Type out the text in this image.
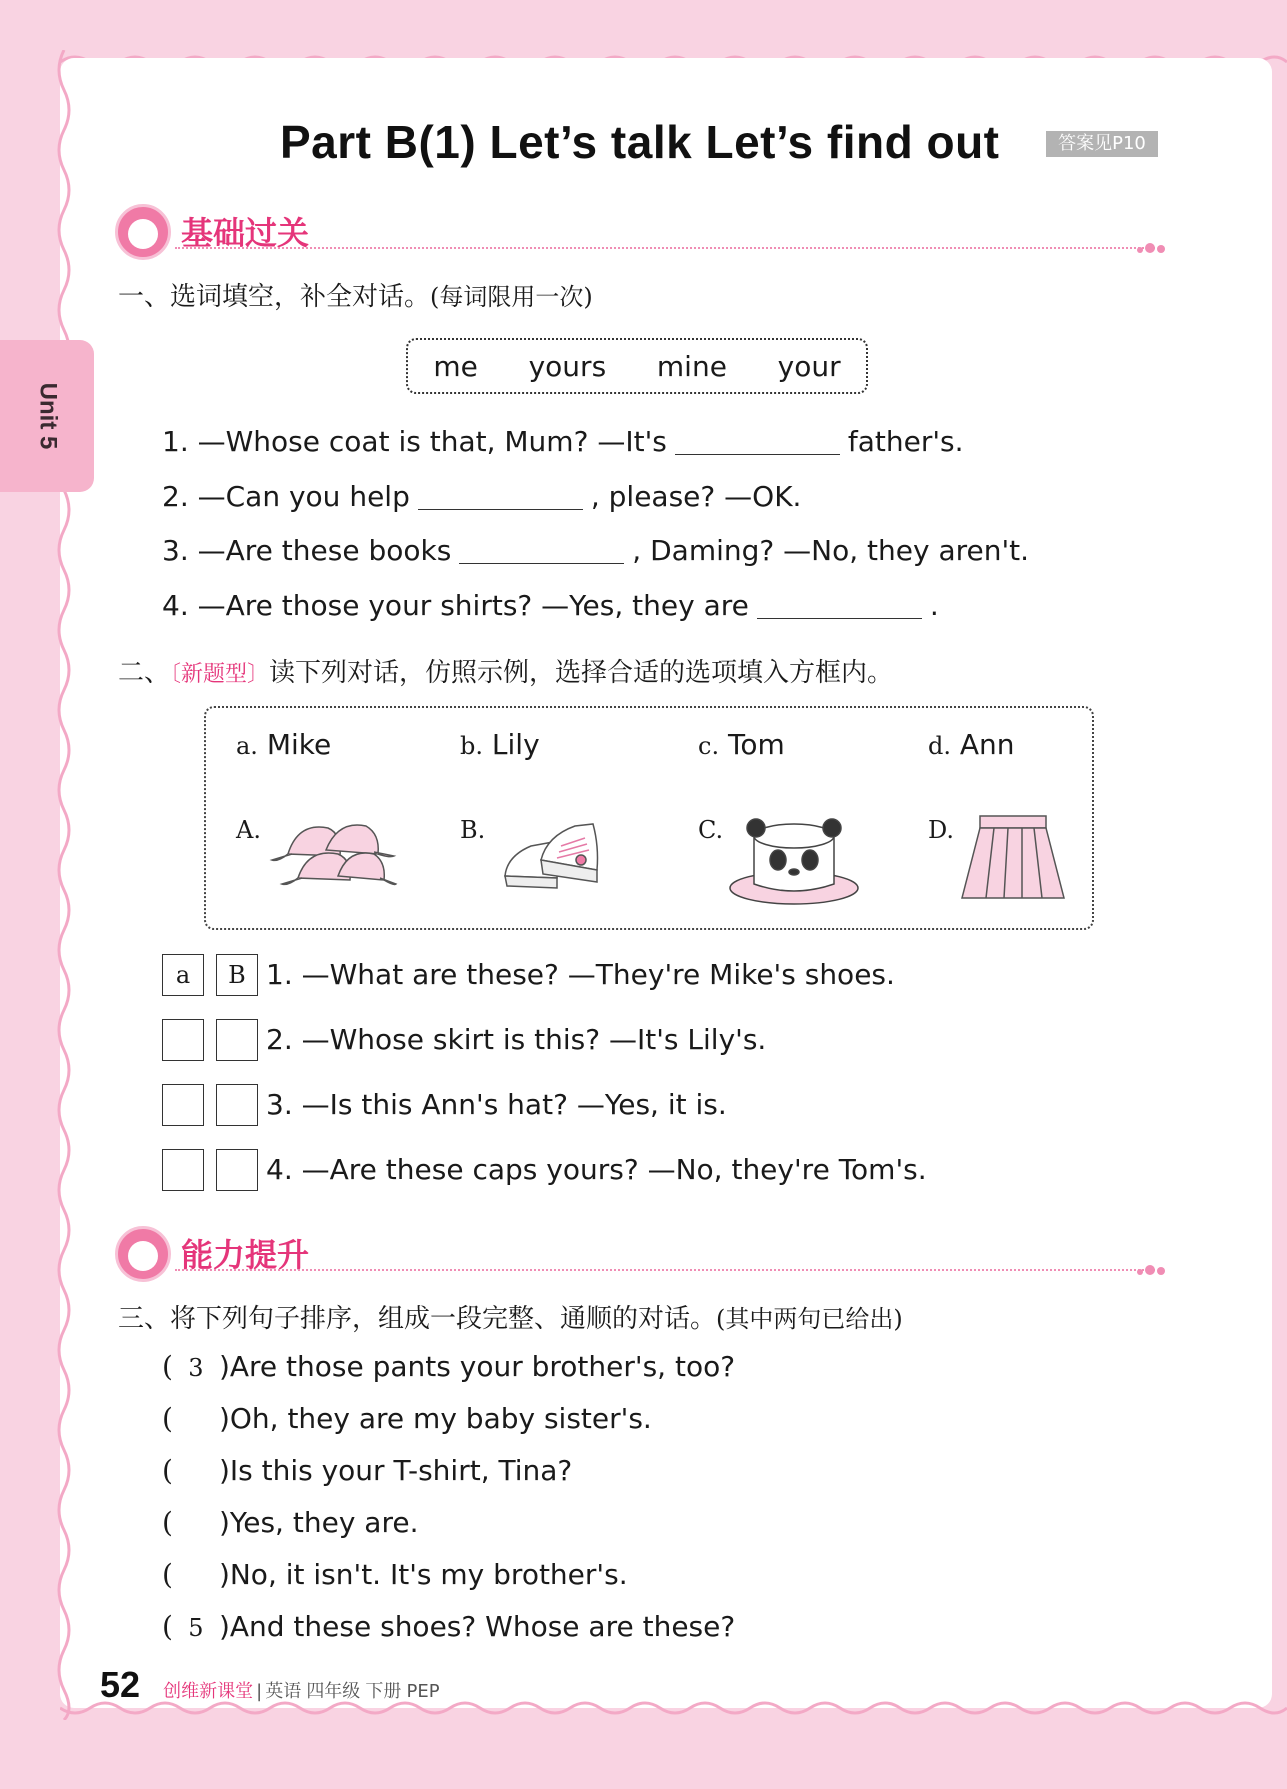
Unit 5
Part B(1) Let’s talk Let’s find out	答案见P10
基础过关
一、选词填空，补全对话。(每词限用一次)
me yours mine your
1. —Whose coat is that, Mum? —It's	father's.
2. —Can you help	, please? —OK.
3. —Are these books	, Daming? —No, they aren't.
4. —Are those your shirts? —Yes, they are	.
二、〔新题型〕读下列对话，仿照示例，选择合适的选项填入方框内。
a. Mike	b. Lily	c. Tom	d. Ann
A.	B.	C.	D.
a	B 1. —What are these? —They're Mike's shoes.
2. —Whose skirt is this? —It's Lily's.
3. —Is this Ann's hat? —Yes, it is.
4. —Are these caps yours? —No, they're Tom's.
能力提升
三、将下列句子排序，组成一段完整、通顺的对话。(其中两句已给出)
( 3 )Are those pants your brother's, too?
( )Oh, they are my baby sister's.
( )Is this your T-shirt, Tina?
( )Yes, they are.
( )No, it isn't. It's my brother's.
( 5 )And these shoes? Whose are these?
52 创维新课堂 | 英语 四年级 下册 PEP
